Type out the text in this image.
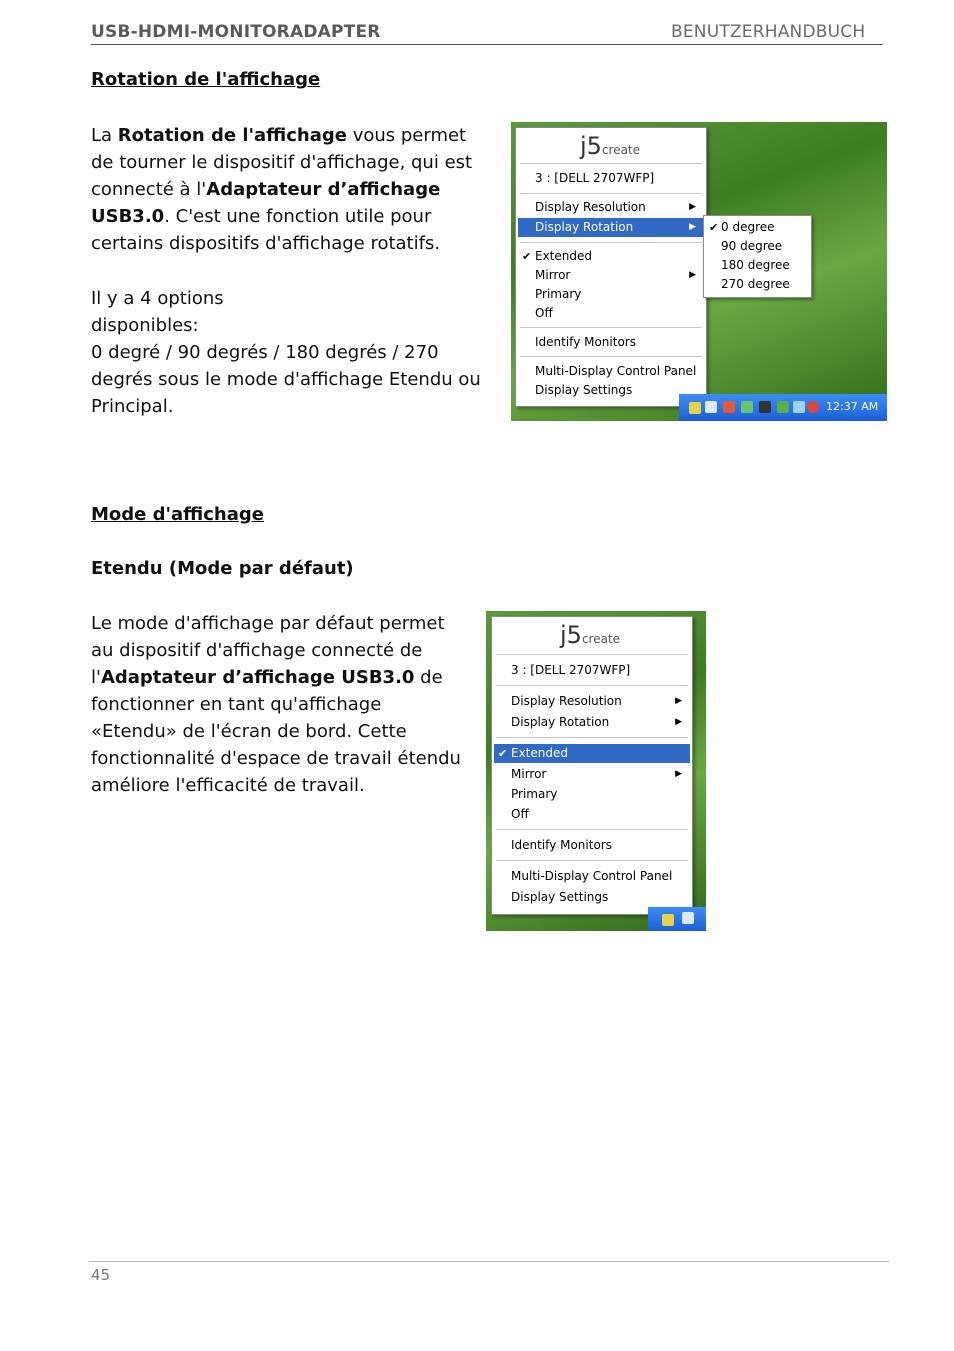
USB-HDMI-MONITORADAPTER	BENUTZERHANDBUCH
Rotation de l'affichage
La Rotation de l'affichage vous permet de tourner le dispositif d'affichage, qui est connecté à l'Adaptateur d’affichage USB3.0. C'est une fonction utile pour certains dispositifs d'affichage rotatifs.
Il y a 4 options
disponibles:
0 degré / 90 degrés / 180 degrés / 270 degrés sous le mode d'affichage Etendu ou Principal.
j5create
3 : [DELL 2707WFP]
Display Resolution	▶
Display Rotation	▶
✔ Extended
Mirror	▶
Primary
Off
Identify Monitors
Multi-Display Control Panel
Display Settings
✔ 0 degree
90 degree
180 degree
270 degree
12:37 AM
Mode d'affichage
Etendu (Mode par défaut)
Le mode d'affichage par défaut permet au dispositif d'affichage connecté de l'Adaptateur d’affichage USB3.0 de fonctionner en tant qu'affichage «Etendu» de l'écran de bord. Cette fonctionnalité d'espace de travail étendu améliore l'efficacité de travail.
j5create
3 : [DELL 2707WFP]
Display Resolution	▶
Display Rotation	▶
✔ Extended
Mirror	▶
Primary
Off
Identify Monitors
Multi-Display Control Panel
Display Settings
45
